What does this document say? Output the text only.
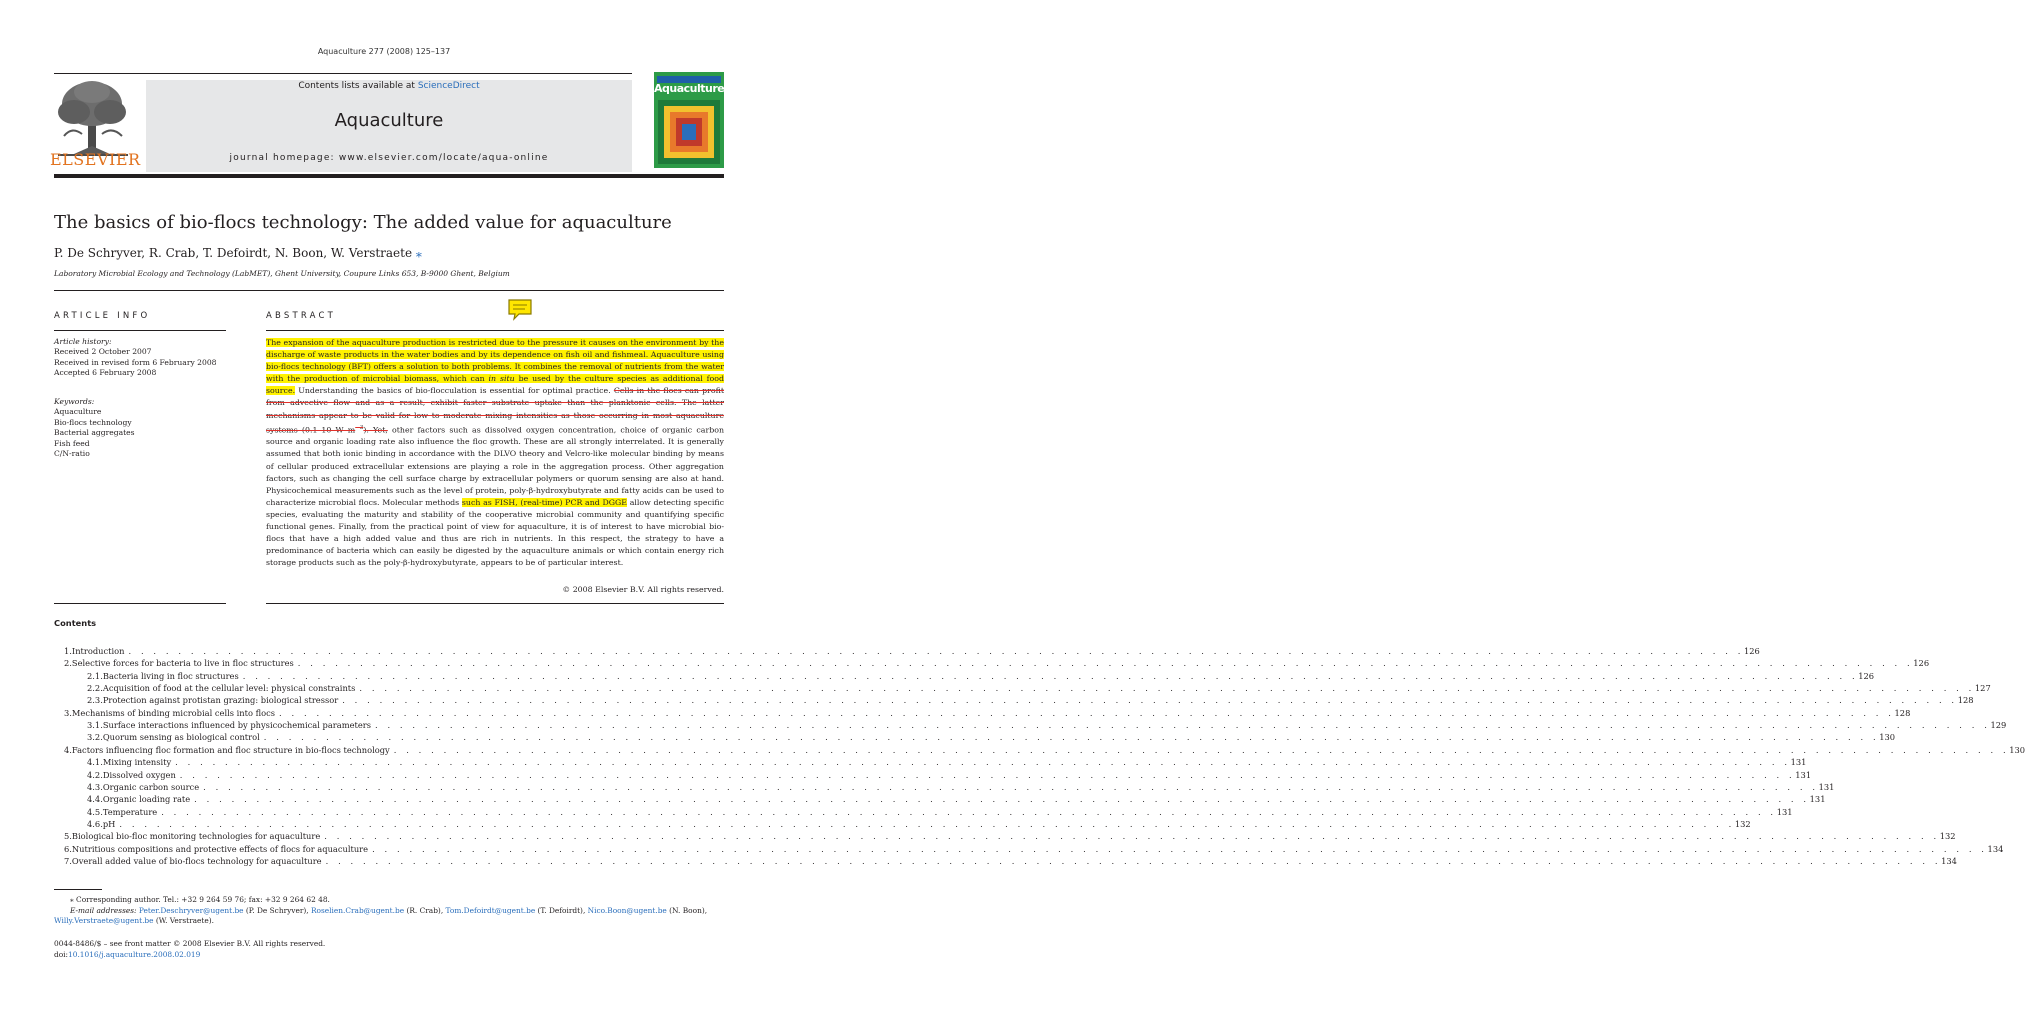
Aquaculture 277 (2008) 125–137
ELSEVIER
Contents lists available at ScienceDirect
Aquaculture
journal homepage: www.elsevier.com/locate/aqua-online
Aquaculture
The basics of bio-flocs technology: The added value for aquaculture
P. De Schryver, R. Crab, T. Defoirdt, N. Boon, W. Verstraete ⁎
Laboratory Microbial Ecology and Technology (LabMET), Ghent University, Coupure Links 653, B-9000 Ghent, Belgium
ARTICLE INFO	ABSTRACT
Article history:
Received 2 October 2007
Received in revised form 6 February 2008
Accepted 6 February 2008
Keywords:
Aquaculture
Bio-flocs technology
Bacterial aggregates
Fish feed
C/N-ratio
The expansion of the aquaculture production is restricted due to the pressure it causes on the environment by the discharge of waste products in the water bodies and by its dependence on fish oil and fishmeal. Aquaculture using bio-flocs technology (BFT) offers a solution to both problems. It combines the removal of nutrients from the water with the production of microbial biomass, which can in situ be used by the culture species as additional food source. Understanding the basics of bio-flocculation is essential for optimal practice. Cells in the flocs can profit from advective flow and as a result, exhibit faster substrate uptake than the planktonic cells. The latter mechanisms appear to be valid for low to moderate mixing intensities as those occurring in most aquaculture systems (0.1–10 W $m^{-3}$). Yet, other factors such as dissolved oxygen concentration, choice of organic carbon source and organic loading rate also influence the floc growth. These are all strongly interrelated. It is generally assumed that both ionic binding in accordance with the DLVO theory and Velcro-like molecular binding by means of cellular produced extracellular extensions are playing a role in the aggregation process. Other aggregation factors, such as changing the cell surface charge by extracellular polymers or quorum sensing are also at hand. Physicochemical measurements such as the level of protein, poly-β-hydroxybutyrate and fatty acids can be used to characterize microbial flocs. Molecular methods such as FISH, (real-time) PCR and DGGE allow detecting specific species, evaluating the maturity and stability of the cooperative microbial community and quantifying specific functional genes. Finally, from the practical point of view for aquaculture, it is of interest to have microbial bio-flocs that have a high added value and thus are rich in nutrients. In this respect, the strategy to have a predominance of bacteria which can easily be digested by the aquaculture animals or which contain energy rich storage products such as the poly-β-hydroxybutyrate, appears to be of particular interest.
© 2008 Elsevier B.V. All rights reserved.
Contents
1. Introduction . . . . . . . . . . . . . . . . . . . . . . . . . . . . . . . . . . . . . . . . . . . . . . . . . . . . . . . . . . . . . . . . . . . . . . . . . . . . . . . . . . . . . . . . . . . . . . . . . . . . . . . . . . . . . . . . . . . . . . . . . . . . . . . . . . 126
2. Selective forces for bacteria to live in floc structures . . . . . . . . . . . . . . . . . . . . . . . . . . . . . . . . . . . . . . . . . . . . . . . . . . . . . . . . . . . . . . . . . . . . . . . . . . . . . . . . . . . . . . . . . . . . . . . . . . . . . . . . . . . . . . . . . . . . . . . . . . . . . . . . . . 126
2.1. Bacteria living in floc structures . . . . . . . . . . . . . . . . . . . . . . . . . . . . . . . . . . . . . . . . . . . . . . . . . . . . . . . . . . . . . . . . . . . . . . . . . . . . . . . . . . . . . . . . . . . . . . . . . . . . . . . . . . . . . . . . . . . . . . . . . . . . . . . . . . 126
2.2. Acquisition of food at the cellular level: physical constraints . . . . . . . . . . . . . . . . . . . . . . . . . . . . . . . . . . . . . . . . . . . . . . . . . . . . . . . . . . . . . . . . . . . . . . . . . . . . . . . . . . . . . . . . . . . . . . . . . . . . . . . . . . . . . . . . . . . . . . . . . . . . . . . . . . 127
2.3. Protection against protistan grazing: biological stressor . . . . . . . . . . . . . . . . . . . . . . . . . . . . . . . . . . . . . . . . . . . . . . . . . . . . . . . . . . . . . . . . . . . . . . . . . . . . . . . . . . . . . . . . . . . . . . . . . . . . . . . . . . . . . . . . . . . . . . . . . . . . . . . . . . 128
3. Mechanisms of binding microbial cells into flocs . . . . . . . . . . . . . . . . . . . . . . . . . . . . . . . . . . . . . . . . . . . . . . . . . . . . . . . . . . . . . . . . . . . . . . . . . . . . . . . . . . . . . . . . . . . . . . . . . . . . . . . . . . . . . . . . . . . . . . . . . . . . . . . . . . 128
3.1. Surface interactions influenced by physicochemical parameters . . . . . . . . . . . . . . . . . . . . . . . . . . . . . . . . . . . . . . . . . . . . . . . . . . . . . . . . . . . . . . . . . . . . . . . . . . . . . . . . . . . . . . . . . . . . . . . . . . . . . . . . . . . . . . . . . . . . . . . . . . . . . . . . . . 129
3.2. Quorum sensing as biological control . . . . . . . . . . . . . . . . . . . . . . . . . . . . . . . . . . . . . . . . . . . . . . . . . . . . . . . . . . . . . . . . . . . . . . . . . . . . . . . . . . . . . . . . . . . . . . . . . . . . . . . . . . . . . . . . . . . . . . . . . . . . . . . . . . 130
4. Factors influencing floc formation and floc structure in bio-flocs technology . . . . . . . . . . . . . . . . . . . . . . . . . . . . . . . . . . . . . . . . . . . . . . . . . . . . . . . . . . . . . . . . . . . . . . . . . . . . . . . . . . . . . . . . . . . . . . . . . . . . . . . . . . . . . . . . . . . . . . . . . . . . . . . . . . 130
4.1. Mixing intensity . . . . . . . . . . . . . . . . . . . . . . . . . . . . . . . . . . . . . . . . . . . . . . . . . . . . . . . . . . . . . . . . . . . . . . . . . . . . . . . . . . . . . . . . . . . . . . . . . . . . . . . . . . . . . . . . . . . . . . . . . . . . . . . . . . 131
4.2. Dissolved oxygen . . . . . . . . . . . . . . . . . . . . . . . . . . . . . . . . . . . . . . . . . . . . . . . . . . . . . . . . . . . . . . . . . . . . . . . . . . . . . . . . . . . . . . . . . . . . . . . . . . . . . . . . . . . . . . . . . . . . . . . . . . . . . . . . . . 131
4.3. Organic carbon source . . . . . . . . . . . . . . . . . . . . . . . . . . . . . . . . . . . . . . . . . . . . . . . . . . . . . . . . . . . . . . . . . . . . . . . . . . . . . . . . . . . . . . . . . . . . . . . . . . . . . . . . . . . . . . . . . . . . . . . . . . . . . . . . . . 131
4.4. Organic loading rate . . . . . . . . . . . . . . . . . . . . . . . . . . . . . . . . . . . . . . . . . . . . . . . . . . . . . . . . . . . . . . . . . . . . . . . . . . . . . . . . . . . . . . . . . . . . . . . . . . . . . . . . . . . . . . . . . . . . . . . . . . . . . . . . . . 131
4.5. Temperature . . . . . . . . . . . . . . . . . . . . . . . . . . . . . . . . . . . . . . . . . . . . . . . . . . . . . . . . . . . . . . . . . . . . . . . . . . . . . . . . . . . . . . . . . . . . . . . . . . . . . . . . . . . . . . . . . . . . . . . . . . . . . . . . . . 131
4.6. pH . . . . . . . . . . . . . . . . . . . . . . . . . . . . . . . . . . . . . . . . . . . . . . . . . . . . . . . . . . . . . . . . . . . . . . . . . . . . . . . . . . . . . . . . . . . . . . . . . . . . . . . . . . . . . . . . . . . . . . . . . . . . . . . . . . 132
5. Biological bio-floc monitoring technologies for aquaculture . . . . . . . . . . . . . . . . . . . . . . . . . . . . . . . . . . . . . . . . . . . . . . . . . . . . . . . . . . . . . . . . . . . . . . . . . . . . . . . . . . . . . . . . . . . . . . . . . . . . . . . . . . . . . . . . . . . . . . . . . . . . . . . . . . 132
6. Nutritious compositions and protective effects of flocs for aquaculture . . . . . . . . . . . . . . . . . . . . . . . . . . . . . . . . . . . . . . . . . . . . . . . . . . . . . . . . . . . . . . . . . . . . . . . . . . . . . . . . . . . . . . . . . . . . . . . . . . . . . . . . . . . . . . . . . . . . . . . . . . . . . . . . . . 134
7. Overall added value of bio-flocs technology for aquaculture . . . . . . . . . . . . . . . . . . . . . . . . . . . . . . . . . . . . . . . . . . . . . . . . . . . . . . . . . . . . . . . . . . . . . . . . . . . . . . . . . . . . . . . . . . . . . . . . . . . . . . . . . . . . . . . . . . . . . . . . . . . . . . . . . . 134
⁎ Corresponding author. Tel.: +32 9 264 59 76; fax: +32 9 264 62 48.
E-mail addresses: Peter.Deschryver@ugent.be (P. De Schryver), Roselien.Crab@ugent.be (R. Crab), Tom.Defoirdt@ugent.be (T. Defoirdt), Nico.Boon@ugent.be (N. Boon),
Willy.Verstraete@ugent.be (W. Verstraete).
0044-8486/$ – see front matter © 2008 Elsevier B.V. All rights reserved.
doi:10.1016/j.aquaculture.2008.02.019
